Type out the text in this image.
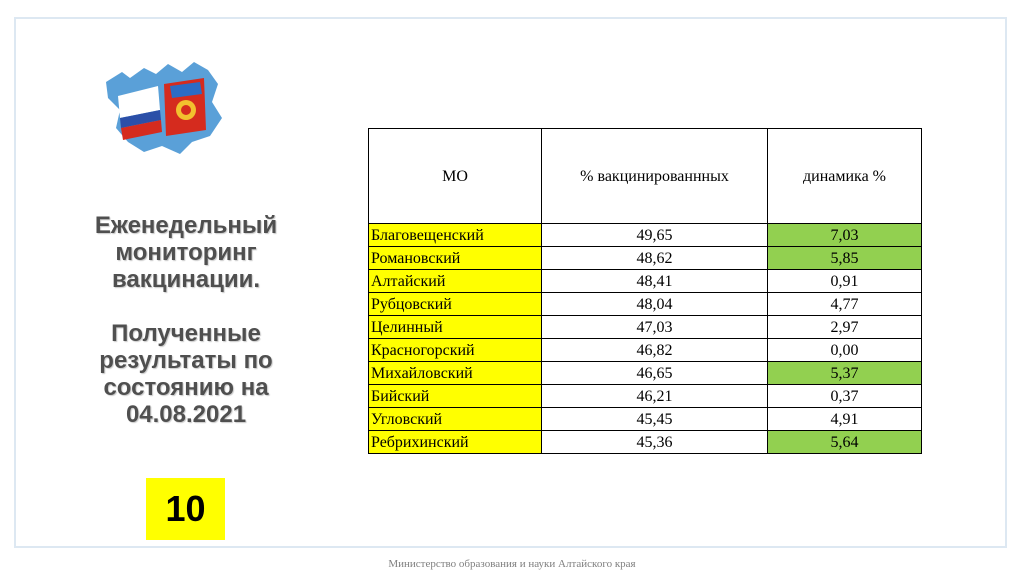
Еженедельный
мониторинг
вакцинации.
Полученные
результаты по
состоянию на
04.08.2021
10
МО	% вакцинированнных	динамика %
Благовещенский	49,65	7,03
Романовский	48,62	5,85
Алтайский	48,41	0,91
Рубцовский	48,04	4,77
Целинный	47,03	2,97
Красногорский	46,82	0,00
Михайловский	46,65	5,37
Бийский	46,21	0,37
Угловский	45,45	4,91
Ребрихинский	45,36	5,64
Министерство образования и науки Алтайского края
